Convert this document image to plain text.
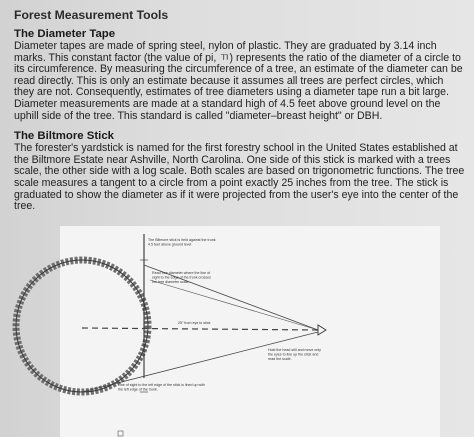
Forest Measurement Tools
The Diameter Tape

Diameter tapes are made of spring steel, nylon of plastic. They are graduated by 3.14 inch marks. This constant factor (the value of pi, ㄲ) represents the ratio of the diameter of a circle to its circumference. By measuring the circumference of a tree, an estimate of the diameter can be read directly. This is only an estimate because it assumes all trees are perfect circles, which they are not. Consequently, estimates of tree diameters using a diameter tape run a bit large. Diameter measurements are made at a standard high of 4.5 feet above ground level on the uphill side of the tree. This standard is called "diameter–breast height" or DBH.

The Biltmore Stick

The forester's yardstick is named for the first forestry school in the United States established at the Biltmore Estate near Ashville, North Carolina. One side of this stick is marked with a trees scale, the other side with a log scale. Both scales are based on trigonometric functions. The tree scale measures a tangent to a circle from a point exactly 25 inches from the tree. The stick is graduated to show the diameter as if it were projected from the user's eye into the center of the tree.

The Biltmore stick is held against the trunk 4.5 feet above ground level
Read tree diameter where the line of sight to the edge of the trunk crosses the tree diameter scale.
25" from eye to stick
Hold the head still and move only the eyes to line up the stick and read the scale.
Line of sight to the left edge of the stick is lined up with the left edge of the trunk.
